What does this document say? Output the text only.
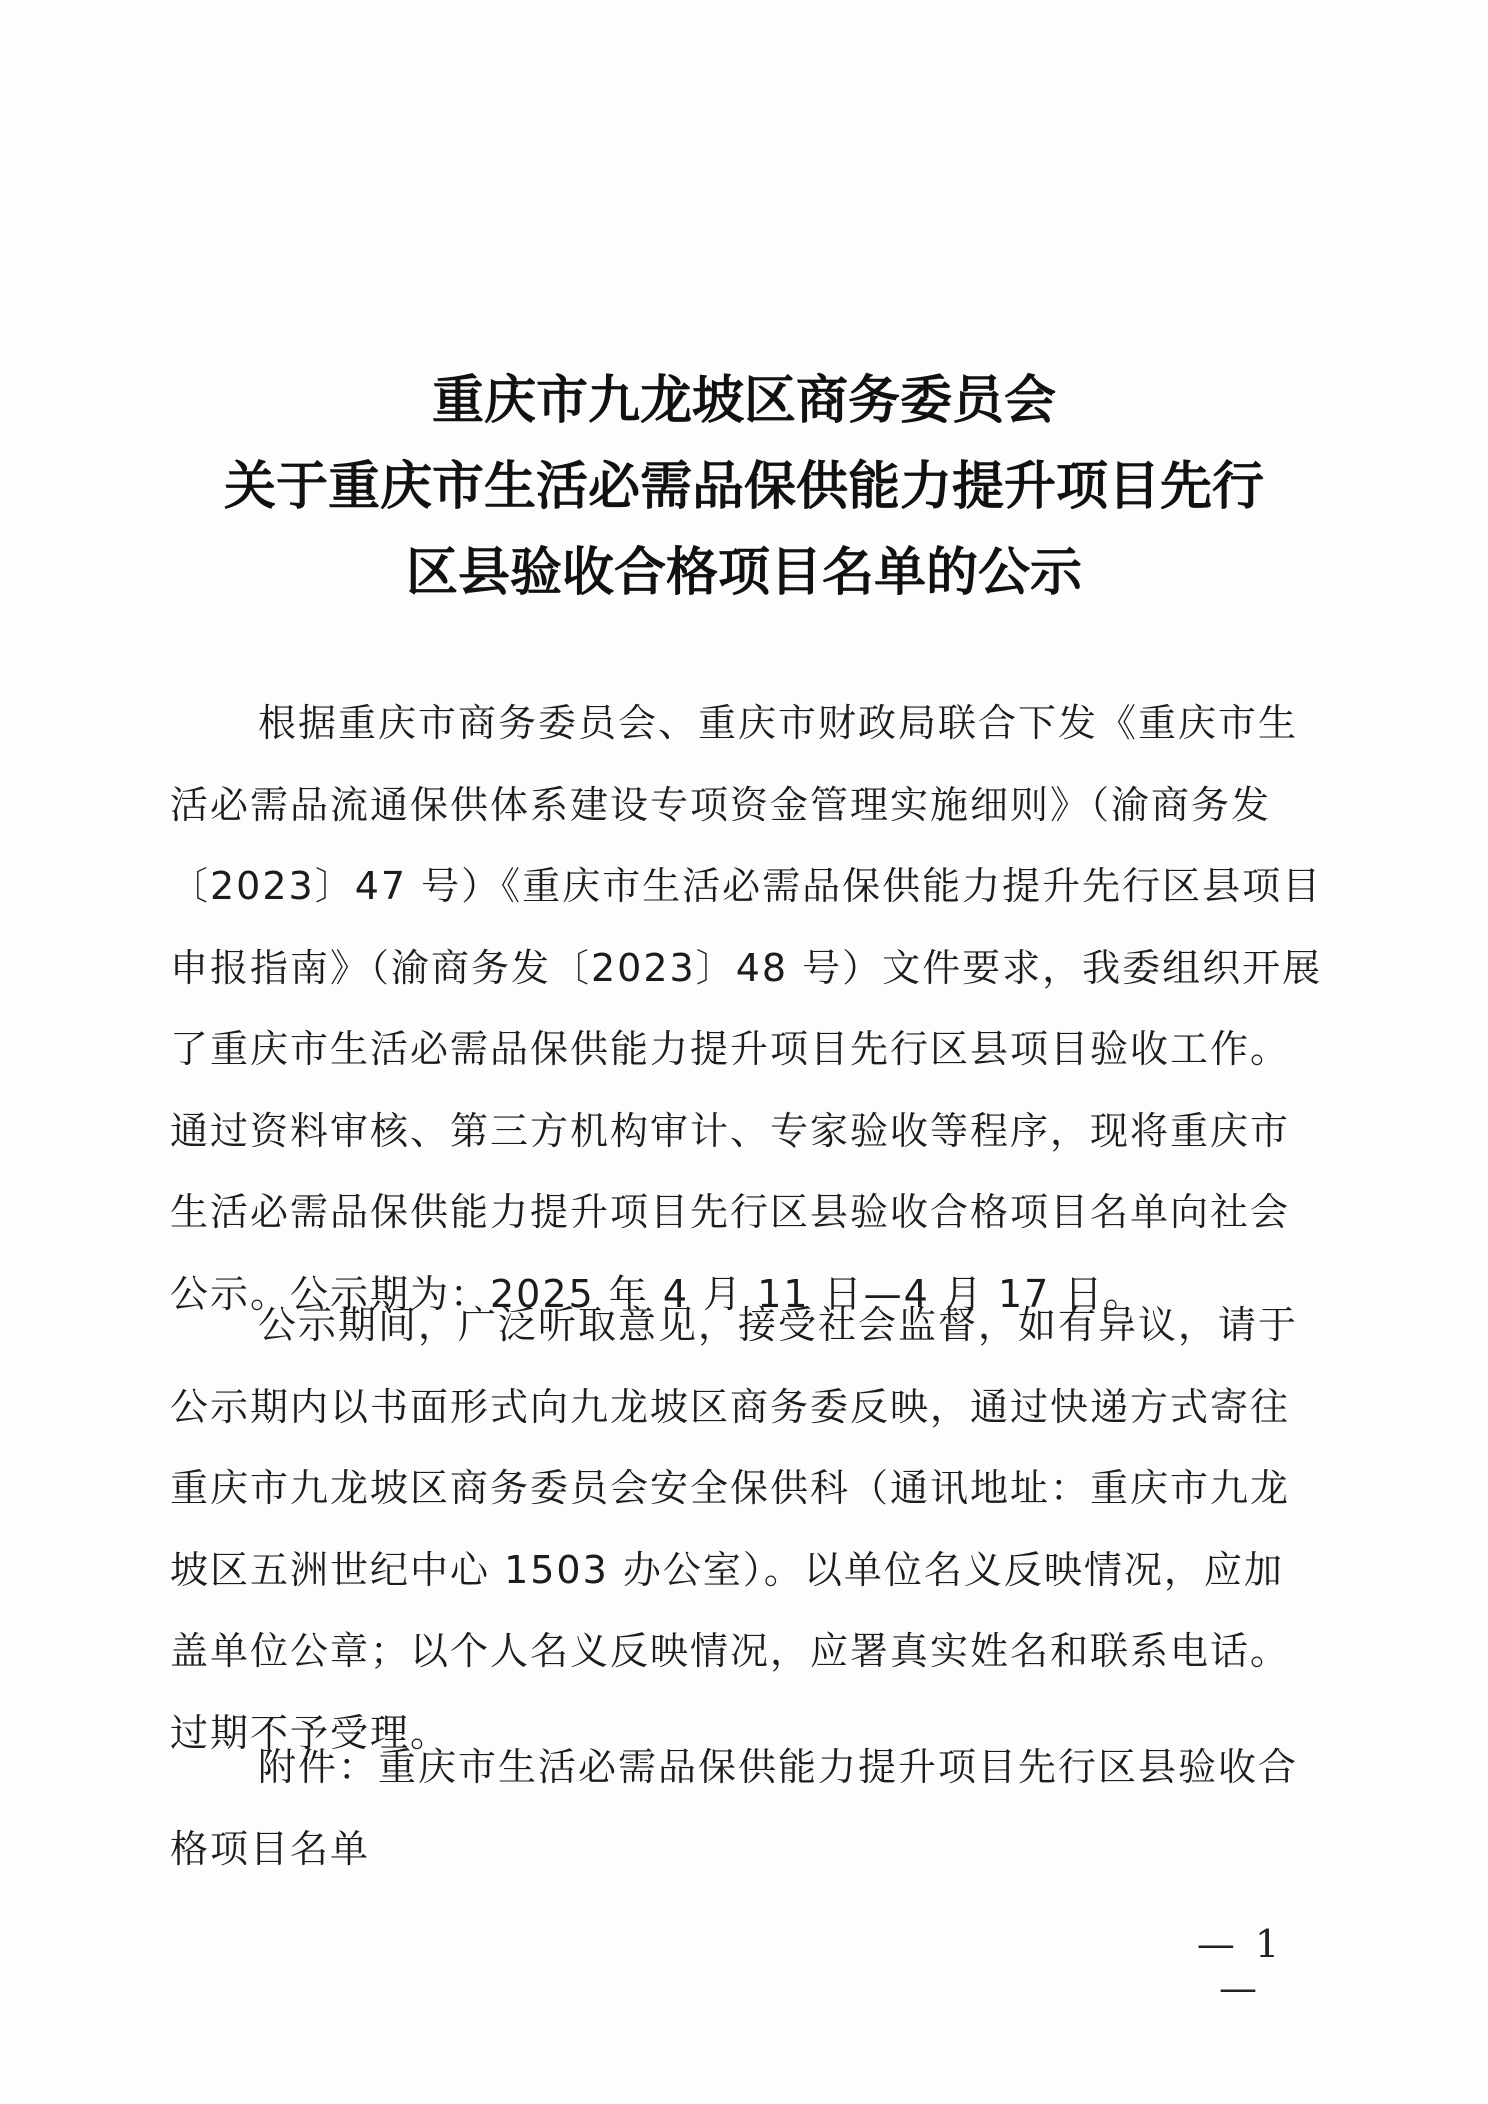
重庆市九龙坡区商务委员会
关于重庆市生活必需品保供能力提升项目先行
区县验收合格项目名单的公示
根据重庆市商务委员会、重庆市财政局联合下发《重庆市生
活必需品流通保供体系建设专项资金管理实施细则》（渝商务发
〔2023〕47 号）《重庆市生活必需品保供能力提升先行区县项目
申报指南》（渝商务发〔2023〕48 号）文件要求，我委组织开展
了重庆市生活必需品保供能力提升项目先行区县项目验收工作。
通过资料审核、第三方机构审计、专家验收等程序，现将重庆市
生活必需品保供能力提升项目先行区县验收合格项目名单向社会
公示。公示期为：2025 年 4 月 11 日—4 月 17 日。
公示期间，广泛听取意见，接受社会监督，如有异议，请于
公示期内以书面形式向九龙坡区商务委反映，通过快递方式寄往
重庆市九龙坡区商务委员会安全保供科（通讯地址：重庆市九龙
坡区五洲世纪中心 1503 办公室）。以单位名义反映情况，应加
盖单位公章；以个人名义反映情况，应署真实姓名和联系电话。
过期不予受理。
附件：重庆市生活必需品保供能力提升项目先行区县验收合
格项目名单
— 1 —
